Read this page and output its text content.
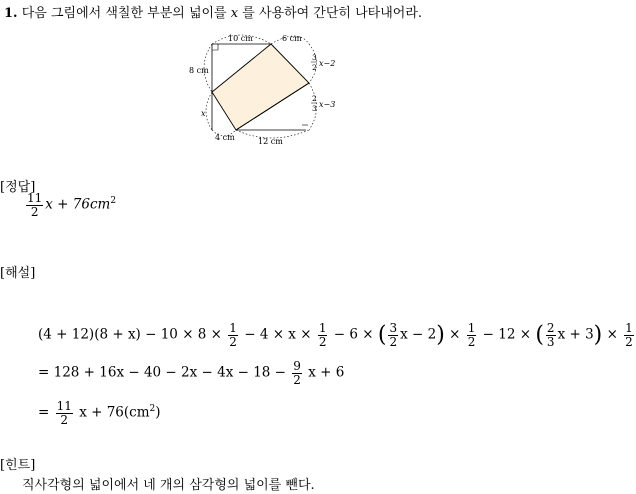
1. 다음 그림에서 색칠한 부분의 넓이를 x 를 사용하여 간단히 나타내어라.
10 cm	6 cm
8 cm
x
4 cm	12 cm
3
2 x−2
2
3 x−3
[정답]
$\frac{11}{2}$ $x + 76cm^2$
[해설]
$(4 + 12)(8 + x) - 10 \times 8 \times \frac{1}{2} - 4 \times x \times \frac{1}{2} - 6$ × ( $\frac{3}{2}$ $x - 2) \times \frac{1}{2} - 12$ × ( $\frac{2}{3}$ $x + 3) \times \frac{1}{2}$
= $128 + 16x - 40 - 2x - 4x - 18 - \frac{9}{2}$ x + 6
= $\frac{11}{2}$ $x + 76(cm^2)$
[힌트]
직사각형의 넓이에서 네 개의 삼각형의 넓이를 뺀다.
